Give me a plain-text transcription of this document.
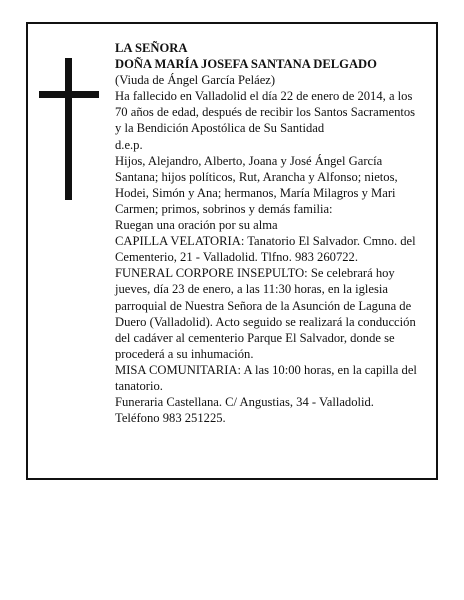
LA SEÑORA

DOÑA MARÍA JOSEFA SANTANA DELGADO

(Viuda de Ángel García Peláez)

Ha fallecido en Valladolid el día 22 de enero de 2014, a los 70 años de edad, después de recibir los Santos Sacramentos y la Bendición Apostólica de Su Santidad

d.e.p.

Hijos, Alejandro, Alberto, Joana y José Ángel García Santana; hijos políticos, Rut, Arancha y Alfonso; nietos, Hodei, Simón y Ana; hermanos, María Milagros y Mari Carmen; primos, sobrinos y demás familia:

Ruegan una oración por su alma

CAPILLA VELATORIA: Tanatorio El Salvador. Cmno. del Cementerio, 21 - Valladolid. Tlfno. 983 260722.

FUNERAL CORPORE INSEPULTO: Se celebrará hoy jueves, día 23 de enero, a las 11:30 horas, en la iglesia parroquial de Nuestra Señora de la Asunción de Laguna de Duero (Valladolid). Acto seguido se realizará la conducción del cadáver al cementerio Parque El Salvador, donde se procederá a su inhumación.

MISA COMUNITARIA: A las 10:00 horas, en la capilla del tanatorio.

Funeraria Castellana. C/ Angustias, 34 - Valladolid. Teléfono 983 251225.
